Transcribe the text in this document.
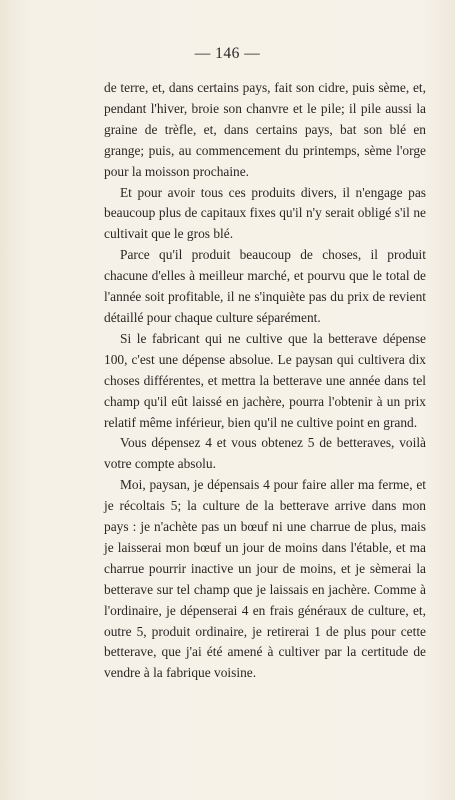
— 146 —

de terre, et, dans certains pays, fait son cidre, puis sème, et, pendant l'hiver, broie son chanvre et le pile; il pile aussi la graine de trèfle, et, dans certains pays, bat son blé en grange; puis, au commencement du printemps, sème l'orge pour la moisson prochaine.

Et pour avoir tous ces produits divers, il n'engage pas beaucoup plus de capitaux fixes qu'il n'y serait obligé s'il ne cultivait que le gros blé.

Parce qu'il produit beaucoup de choses, il produit chacune d'elles à meilleur marché, et pourvu que le total de l'année soit profitable, il ne s'inquiète pas du prix de revient détaillé pour chaque culture séparément.

Si le fabricant qui ne cultive que la betterave dépense 100, c'est une dépense absolue. Le paysan qui cultivera dix choses différentes, et mettra la betterave une année dans tel champ qu'il eût laissé en jachère, pourra l'obtenir à un prix relatif même inférieur, bien qu'il ne cultive point en grand.

Vous dépensez 4 et vous obtenez 5 de betteraves, voilà votre compte absolu.

Moi, paysan, je dépensais 4 pour faire aller ma ferme, et je récoltais 5; la culture de la betterave arrive dans mon pays : je n'achète pas un bœuf ni une charrue de plus, mais je laisserai mon bœuf un jour de moins dans l'étable, et ma charrue pourrir inactive un jour de moins, et je sèmerai la betterave sur tel champ que je laissais en jachère. Comme à l'ordinaire, je dépenserai 4 en frais généraux de culture, et, outre 5, produit ordinaire, je retirerai 1 de plus pour cette betterave, que j'ai été amené à cultiver par la certitude de vendre à la fabrique voisine.
